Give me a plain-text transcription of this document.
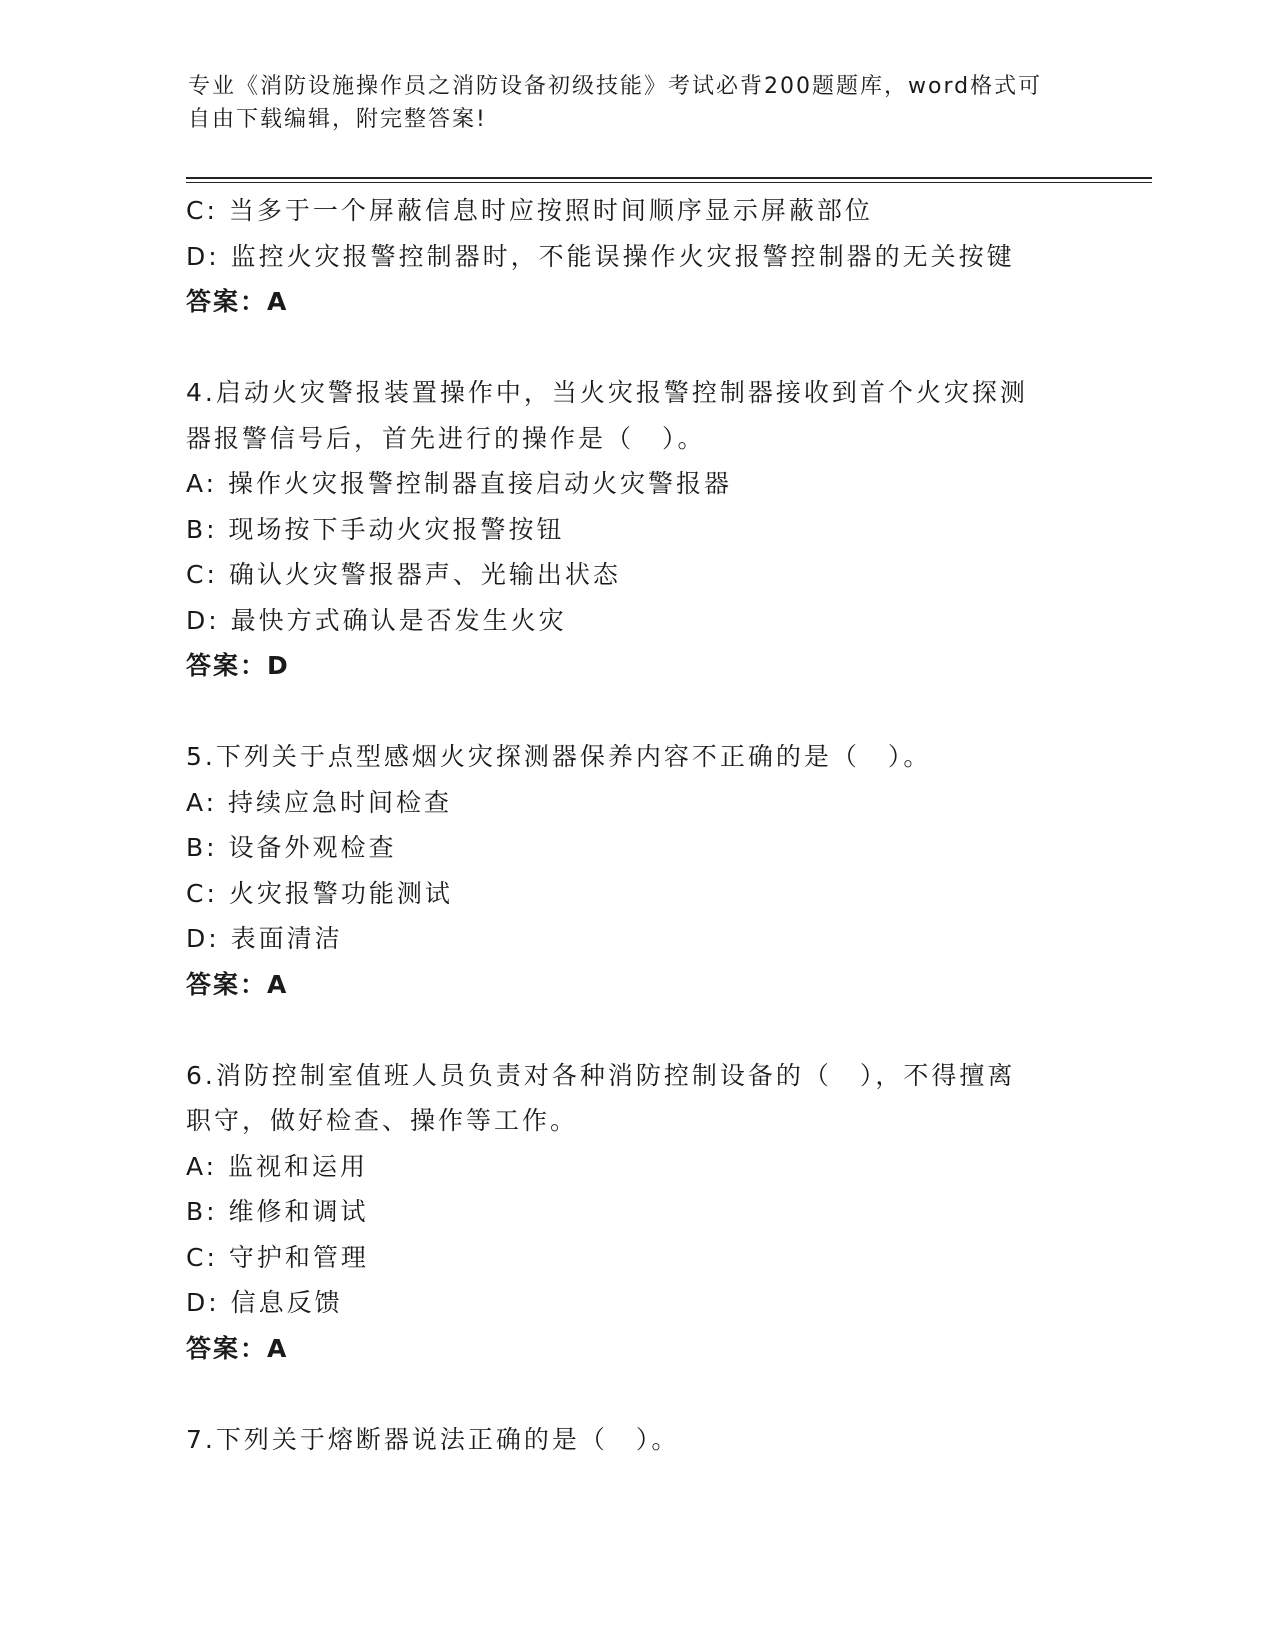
专业《消防设施操作员之消防设备初级技能》考试必背200题题库，word格式可
自由下载编辑，附完整答案!
C: 当多于一个屏蔽信息时应按照时间顺序显示屏蔽部位
D: 监控火灾报警控制器时，不能误操作火灾报警控制器的无关按键
答案：A
4.启动火灾警报装置操作中，当火灾报警控制器接收到首个火灾探测
器报警信号后，首先进行的操作是（　）。
A: 操作火灾报警控制器直接启动火灾警报器
B: 现场按下手动火灾报警按钮
C: 确认火灾警报器声、光输出状态
D: 最快方式确认是否发生火灾
答案：D
5.下列关于点型感烟火灾探测器保养内容不正确的是（　）。
A: 持续应急时间检查
B: 设备外观检查
C: 火灾报警功能测试
D: 表面清洁
答案：A
6.消防控制室值班人员负责对各种消防控制设备的（　），不得擅离
职守，做好检查、操作等工作。
A: 监视和运用
B: 维修和调试
C: 守护和管理
D: 信息反馈
答案：A
7.下列关于熔断器说法正确的是（　）。
